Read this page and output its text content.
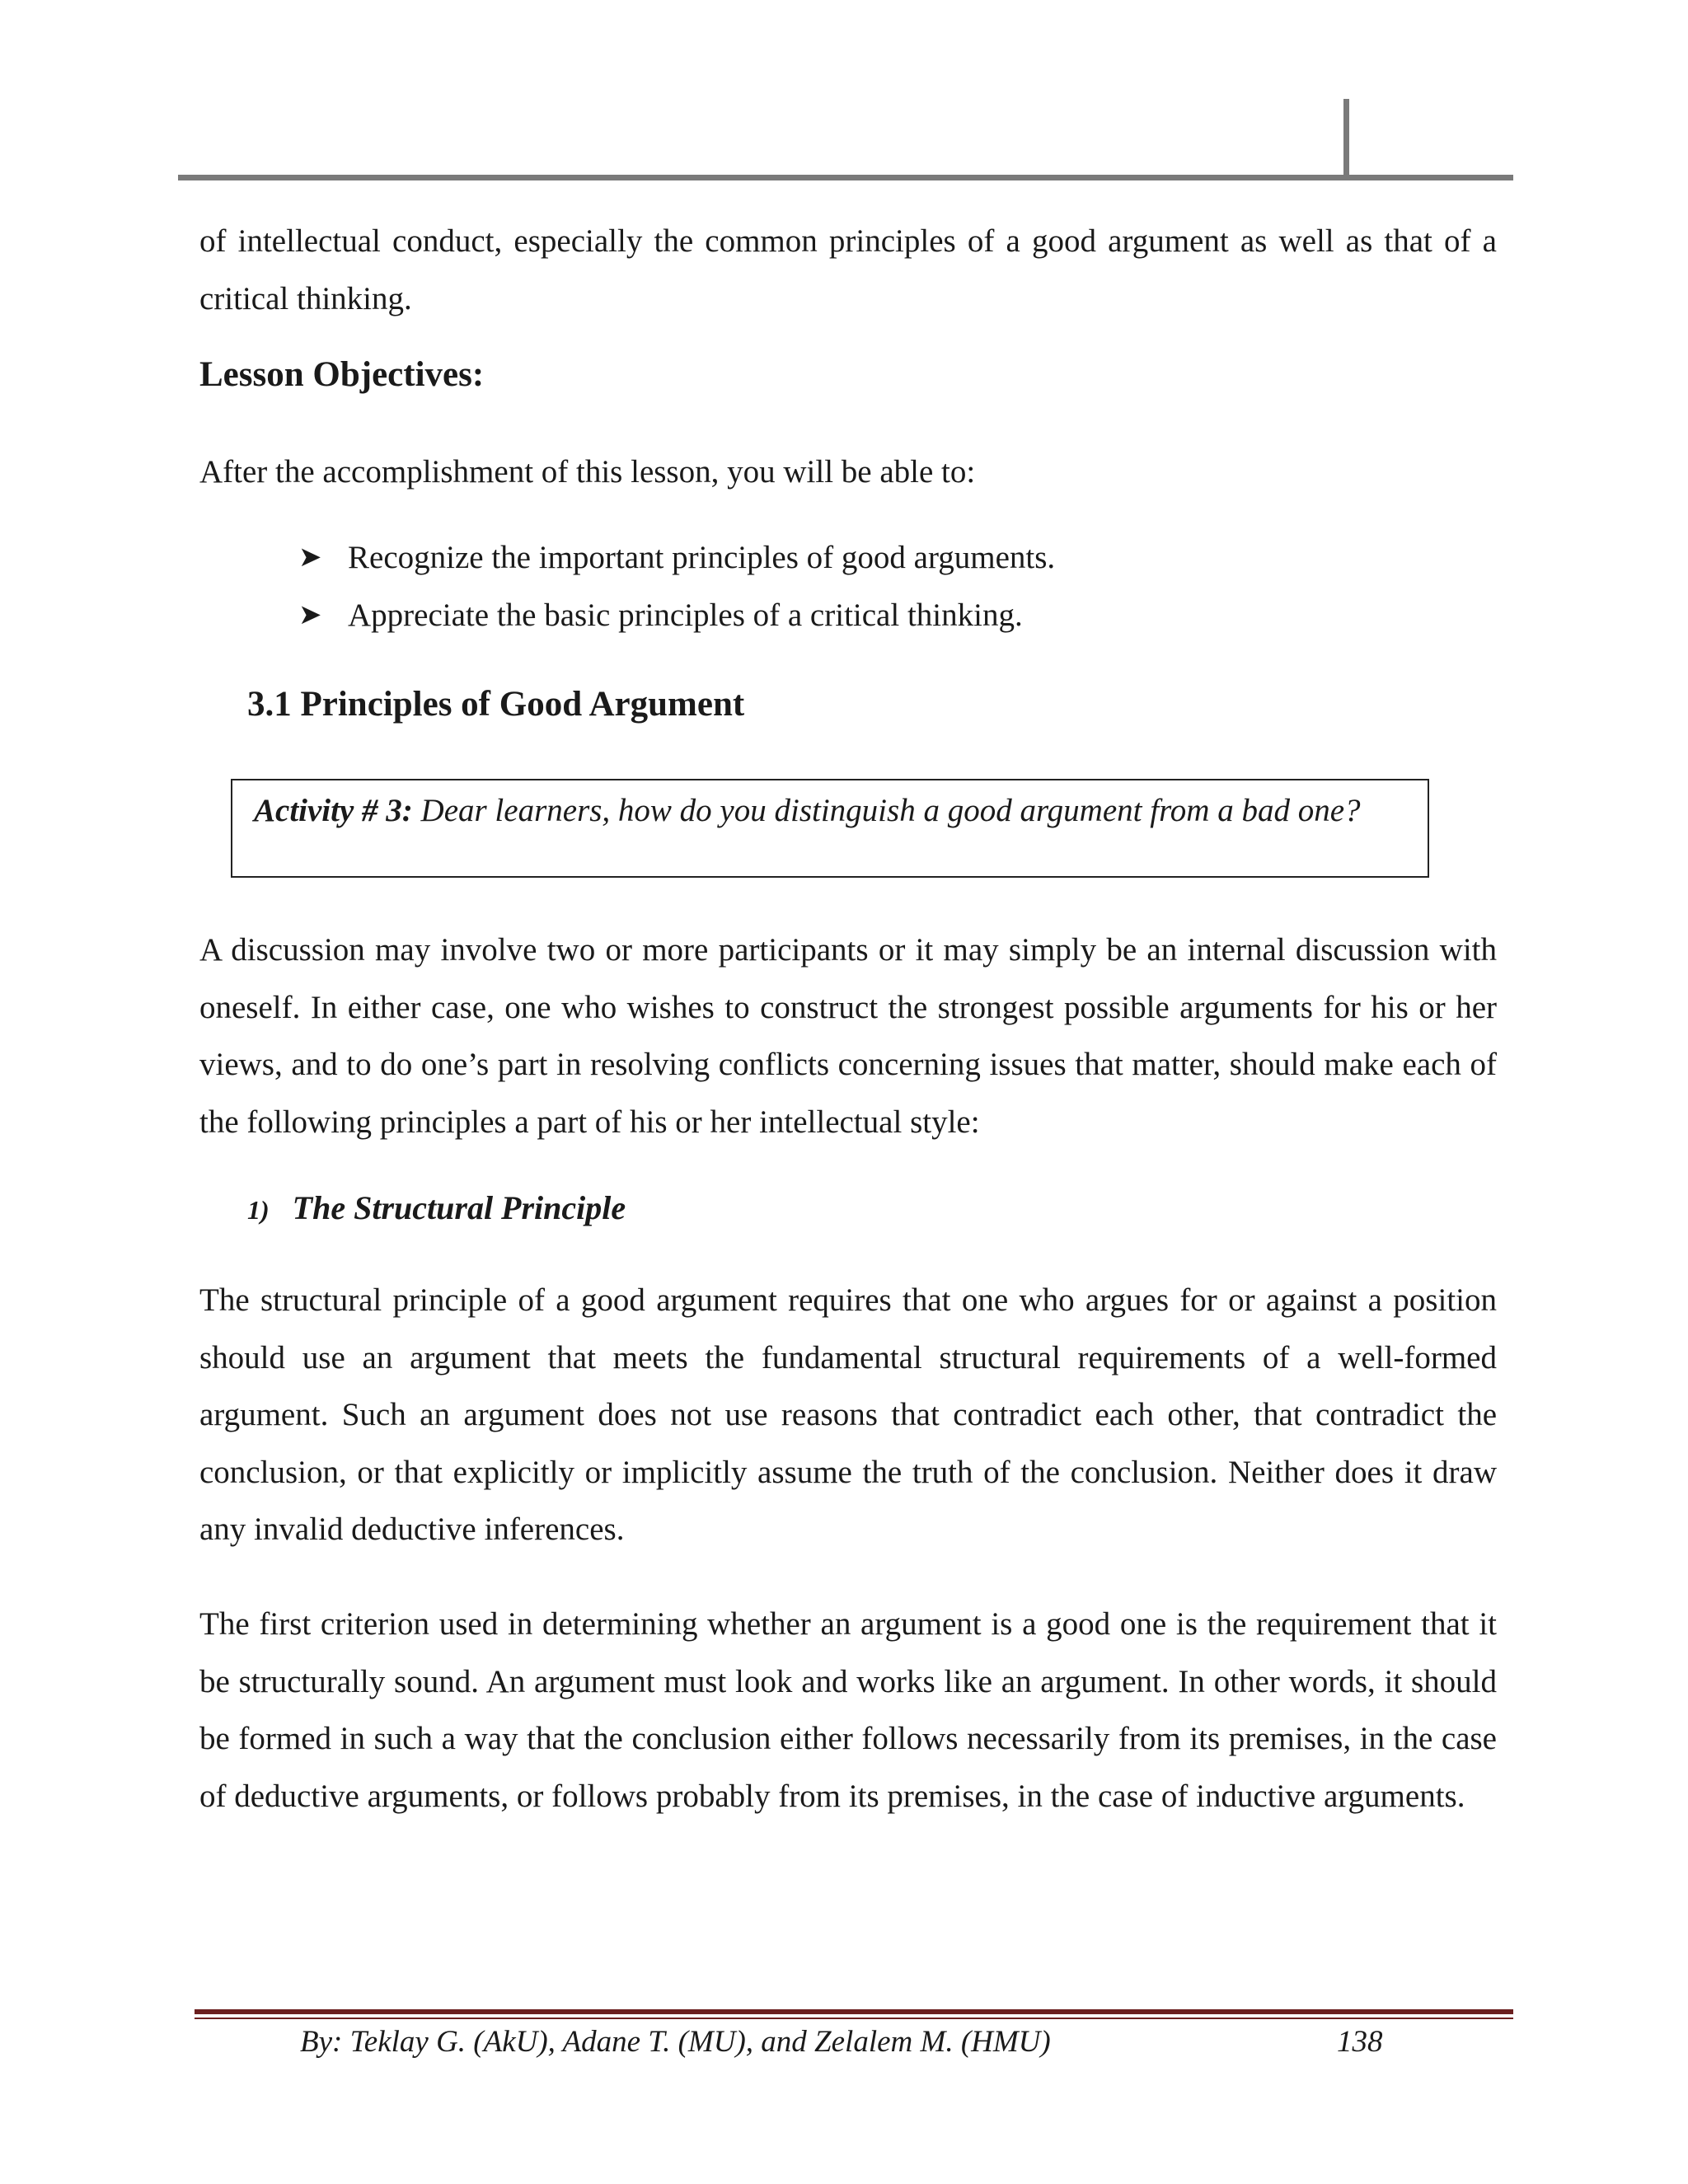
of intellectual conduct, especially the common principles of a good argument as well as that of a critical thinking.

Lesson Objectives:

After the accomplishment of this lesson, you will be able to:

➤ Recognize the important principles of good arguments.
➤ Appreciate the basic principles of a critical thinking.
3.1 Principles of Good Argument
Activity # 3: Dear learners, how do you distinguish a good argument from a bad one?

A discussion may involve two or more participants or it may simply be an internal discussion with oneself. In either case, one who wishes to construct the strongest possible arguments for his or her views, and to do one’s part in resolving conflicts concerning issues that matter, should make each of the following principles a part of his or her intellectual style:

1) The Structural Principle

The structural principle of a good argument requires that one who argues for or against a position should use an argument that meets the fundamental structural requirements of a well-formed argument. Such an argument does not use reasons that contradict each other, that contradict the conclusion, or that explicitly or implicitly assume the truth of the conclusion. Neither does it draw any invalid deductive inferences.

The first criterion used in determining whether an argument is a good one is the requirement that it be structurally sound. An argument must look and works like an argument. In other words, it should be formed in such a way that the conclusion either follows necessarily from its premises, in the case of deductive arguments, or follows probably from its premises, in the case of inductive arguments.

By: Teklay G. (AkU), Adane T. (MU), and Zelalem M. (HMU)	138
